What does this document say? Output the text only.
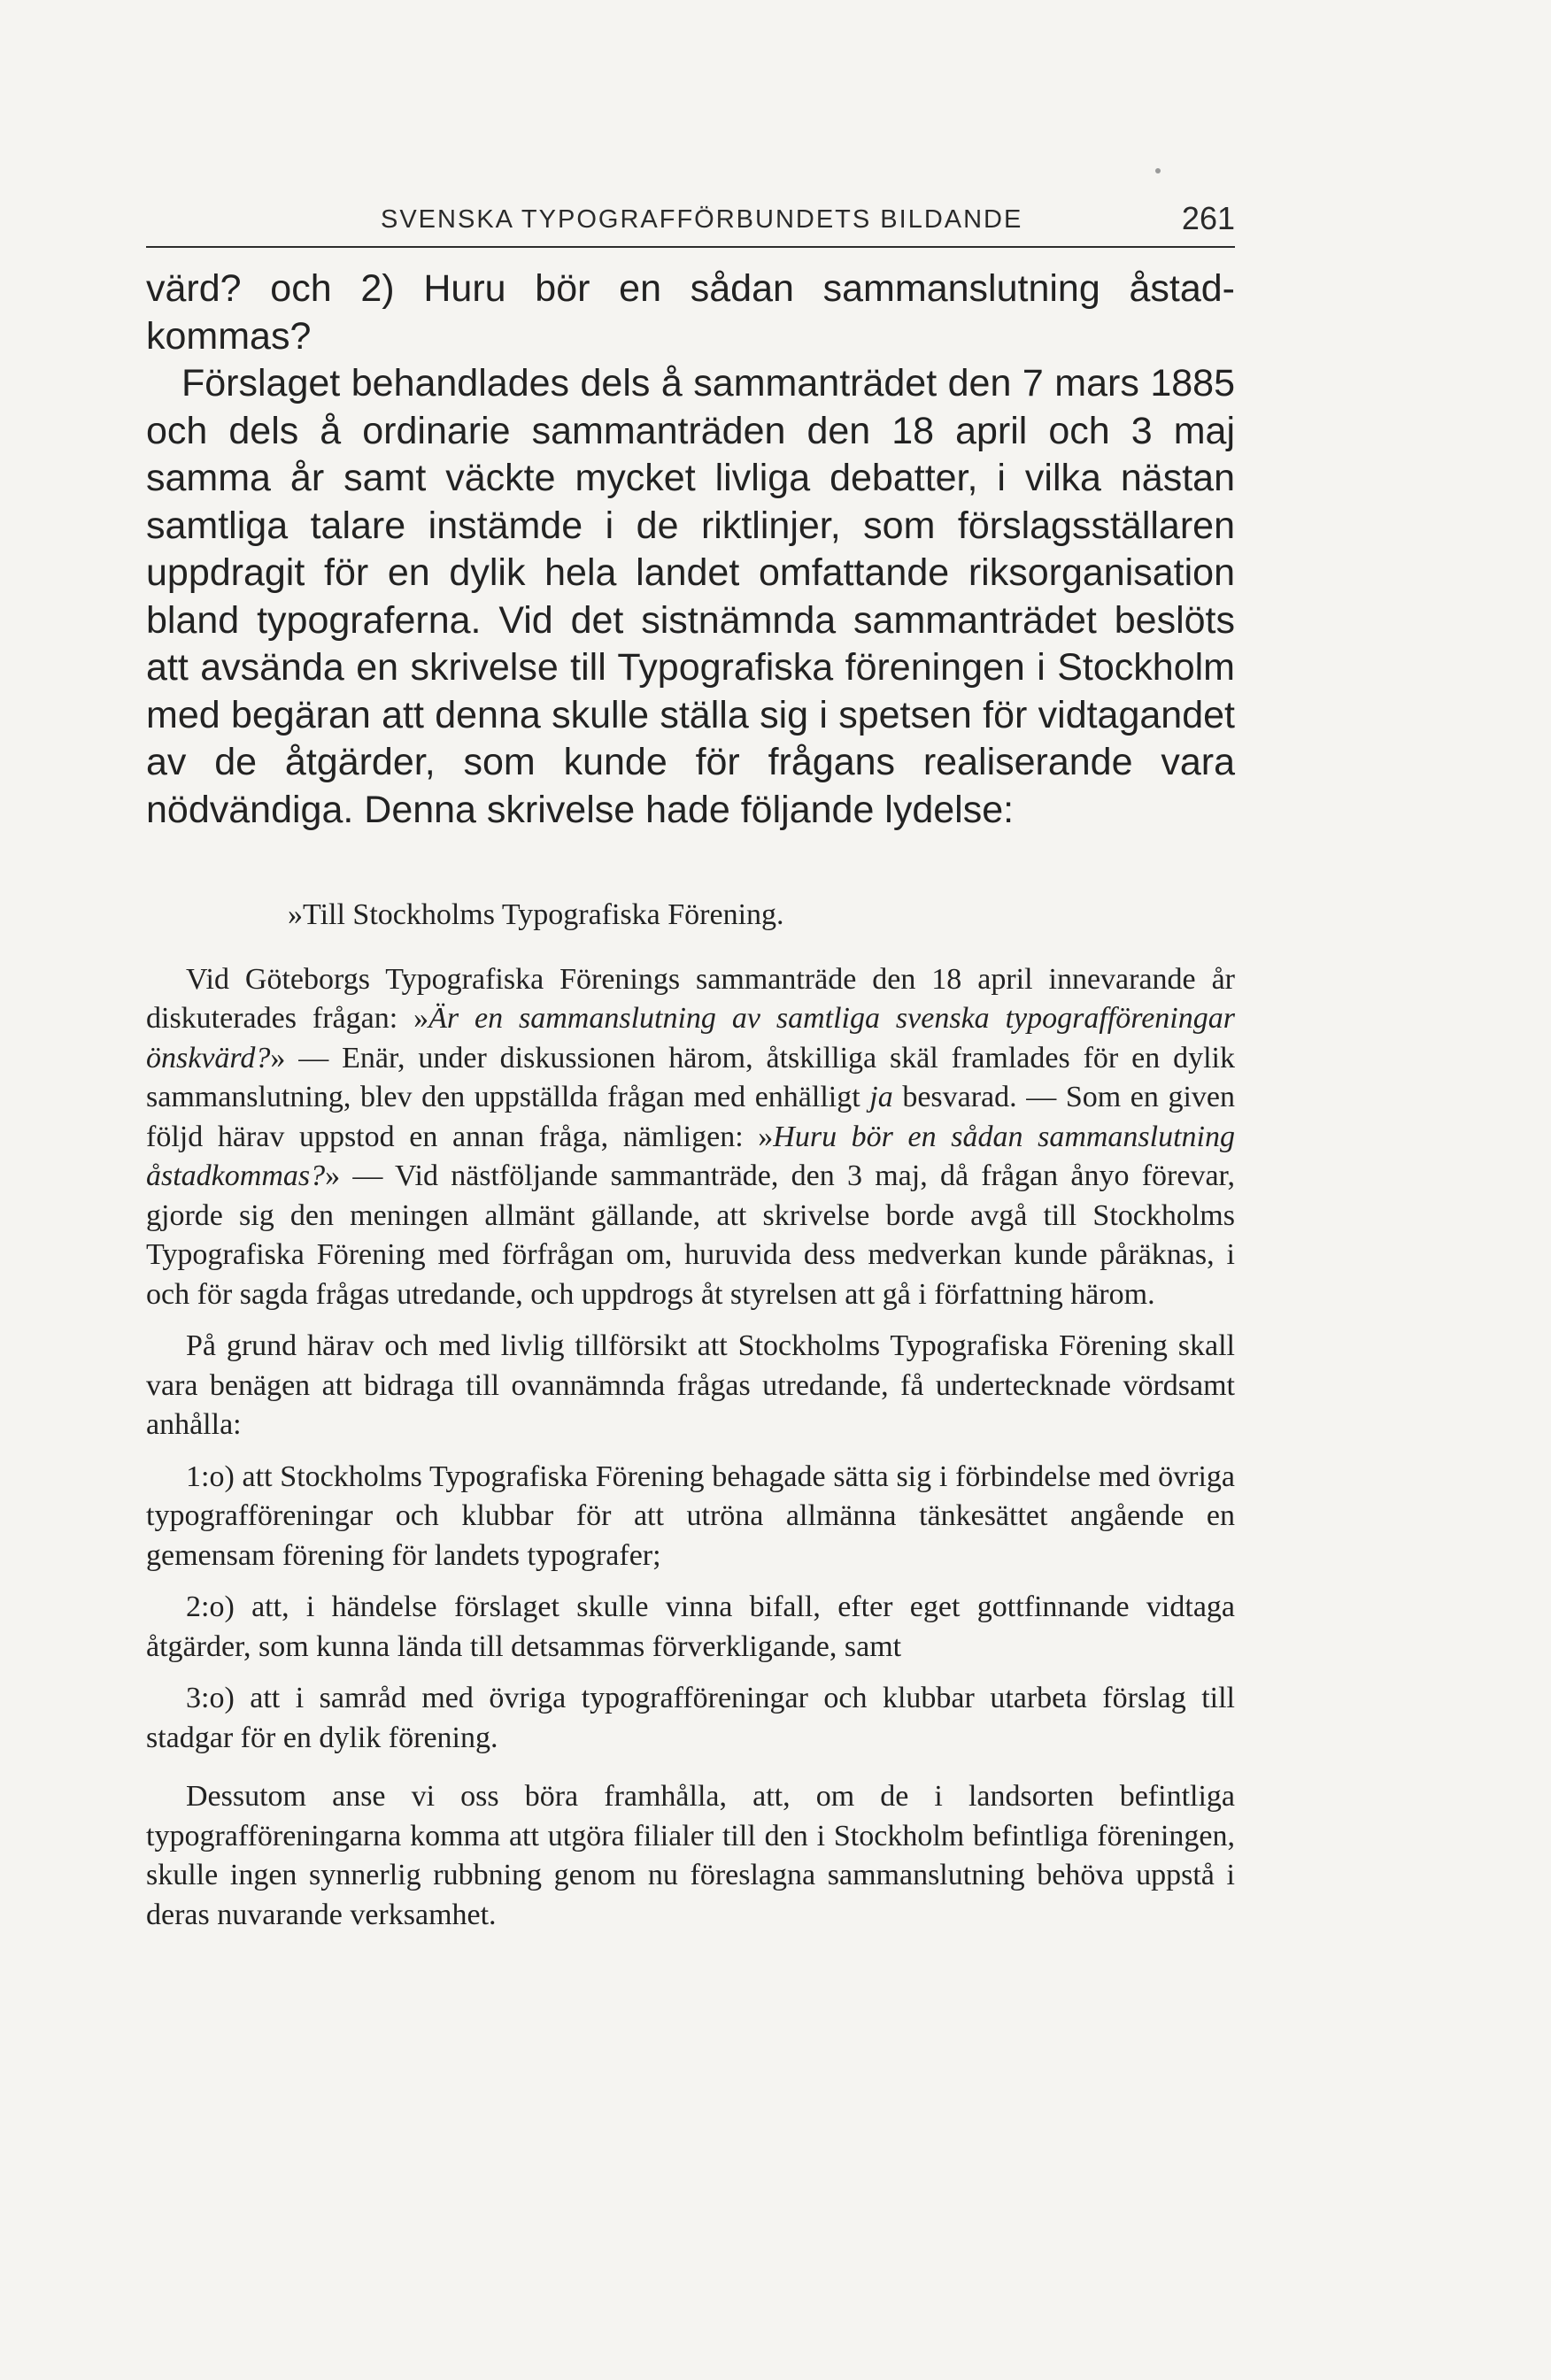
SVENSKA TYPOGRAFFÖRBUNDETS BILDANDE	261

värd? och 2) Huru bör en sådan sammanslutning åstadkommas?

Förslaget behandlades dels å sammanträdet den 7 mars 1885 och dels å ordinarie sammanträden den 18 april och 3 maj samma år samt väckte mycket livliga debatter, i vilka nästan samtliga talare instämde i de riktlinjer, som förslagsställaren uppdragit för en dylik hela landet omfattande riksorganisation bland typograferna. Vid det sistnämnda sammanträdet beslöts att avsända en skrivelse till Typografiska föreningen i Stockholm med begäran att denna skulle ställa sig i spetsen för vidtagandet av de åtgärder, som kunde för frågans realiserande vara nödvändiga. Denna skrivelse hade följande lydelse:

»Till Stockholms Typografiska Förening.

Vid Göteborgs Typografiska Förenings sammanträde den 18 april innevarande år diskuterades frågan: »Är en sammanslutning av samtliga svenska typografföreningar önskvärd?» — Enär, under diskussionen härom, åtskilliga skäl framlades för en dylik sammanslutning, blev den uppställda frågan med enhälligt ja besvarad. — Som en given följd härav uppstod en annan fråga, nämligen: »Huru bör en sådan sammanslutning åstadkommas?» — Vid nästföljande sammanträde, den 3 maj, då frågan ånyo förevar, gjorde sig den meningen allmänt gällande, att skrivelse borde avgå till Stockholms Typografiska Förening med förfrågan om, huruvida dess medverkan kunde påräknas, i och för sagda frågas utredande, och uppdrogs åt styrelsen att gå i författning härom.

På grund härav och med livlig tillförsikt att Stockholms Typografiska Förening skall vara benägen att bidraga till ovannämnda frågas utredande, få undertecknade vördsamt anhålla:

1:o) att Stockholms Typografiska Förening behagade sätta sig i förbindelse med övriga typografföreningar och klubbar för att utröna allmänna tänkesättet angående en gemensam förening för landets typografer;

2:o) att, i händelse förslaget skulle vinna bifall, efter eget gottfinnande vidtaga åtgärder, som kunna lända till detsammas förverkligande, samt

3:o) att i samråd med övriga typografföreningar och klubbar utarbeta förslag till stadgar för en dylik förening.

Dessutom anse vi oss böra framhålla, att, om de i landsorten befintliga typografföreningarna komma att utgöra filialer till den i Stockholm befintliga föreningen, skulle ingen synnerlig rubbning genom nu föreslagna sammanslutning behöva uppstå i deras nuvarande verksamhet.
